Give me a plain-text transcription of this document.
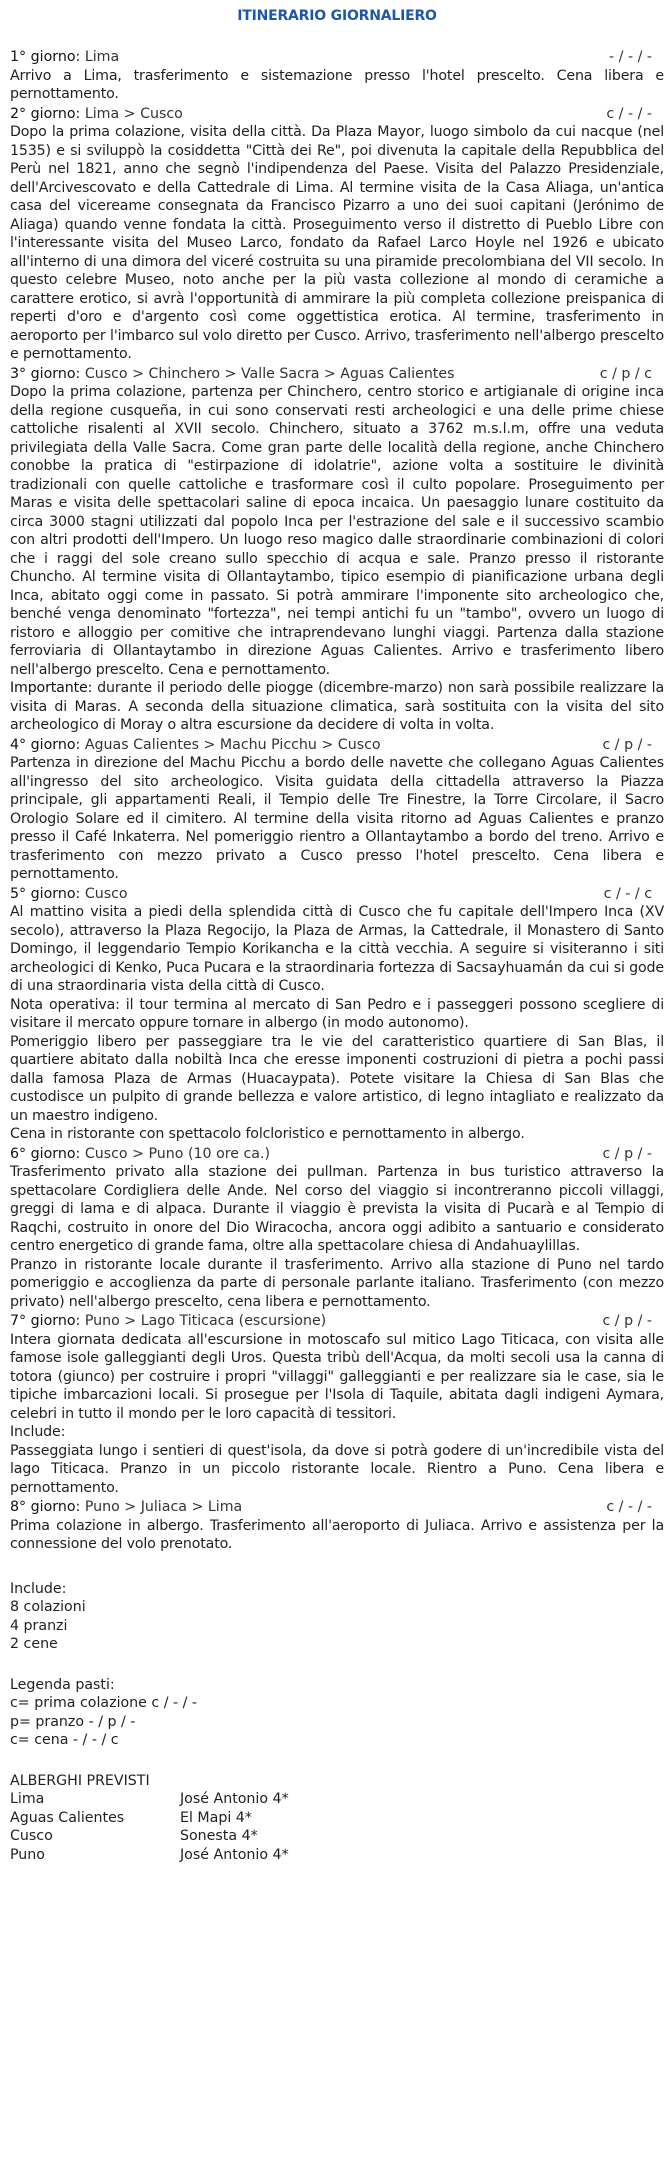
ITINERARIO GIORNALIERO
1° giorno: Lima	- / - / -

Arrivo a Lima, trasferimento e sistemazione presso l'hotel prescelto. Cena libera e pernottamento.

2° giorno: Lima > Cusco	c / - / -

Dopo la prima colazione, visita della città. Da Plaza Mayor, luogo simbolo da cui nacque (nel 1535) e si sviluppò la cosiddetta "Città dei Re", poi divenuta la capitale della Repubblica del Perù nel 1821, anno che segnò l'indipendenza del Paese. Visita del Palazzo Presidenziale, dell'Arcivescovato e della Cattedrale di Lima. Al termine visita de la Casa Aliaga, un'antica casa del vicereame consegnata da Francisco Pizarro a uno dei suoi capitani (Jerónimo de Aliaga) quando venne fondata la città. Proseguimento verso il distretto di Pueblo Libre con l'interessante visita del Museo Larco, fondato da Rafael Larco Hoyle nel 1926 e ubicato all'interno di una dimora del viceré costruita su una piramide precolombiana del VII secolo. In questo celebre Museo, noto anche per la più vasta collezione al mondo di ceramiche a carattere erotico, si avrà l'opportunità di ammirare la più completa collezione preispanica di reperti d'oro e d'argento così come oggettistica erotica. Al termine, trasferimento in aeroporto per l'imbarco sul volo diretto per Cusco. Arrivo, trasferimento nell'albergo prescelto e pernottamento.

3° giorno: Cusco > Chinchero > Valle Sacra > Aguas Calientes	c / p / c

Dopo la prima colazione, partenza per Chinchero, centro storico e artigianale di origine inca della regione cusqueña, in cui sono conservati resti archeologici e una delle prime chiese cattoliche risalenti al XVII secolo. Chinchero, situato a 3762 m.s.l.m, offre una veduta privilegiata della Valle Sacra. Come gran parte delle località della regione, anche Chinchero conobbe la pratica di "estirpazione di idolatrie", azione volta a sostituire le divinità tradizionali con quelle cattoliche e trasformare così il culto popolare. Proseguimento per Maras e visita delle spettacolari saline di epoca incaica. Un paesaggio lunare costituito da circa 3000 stagni utilizzati dal popolo Inca per l'estrazione del sale e il successivo scambio con altri prodotti dell'Impero. Un luogo reso magico dalle straordinarie combinazioni di colori che i raggi del sole creano sullo specchio di acqua e sale. Pranzo presso il ristorante Chuncho. Al termine visita di Ollantaytambo, tipico esempio di pianificazione urbana degli Inca, abitato oggi come in passato. Si potrà ammirare l'imponente sito archeologico che, benché venga denominato "fortezza", nei tempi antichi fu un "tambo", ovvero un luogo di ristoro e alloggio per comitive che intraprendevano lunghi viaggi. Partenza dalla stazione ferroviaria di Ollantaytambo in direzione Aguas Calientes. Arrivo e trasferimento libero nell'albergo prescelto. Cena e pernottamento.

Importante: durante il periodo delle piogge (dicembre-marzo) non sarà possibile realizzare la visita di Maras. A seconda della situazione climatica, sarà sostituita con la visita del sito archeologico di Moray o altra escursione da decidere di volta in volta.

4° giorno: Aguas Calientes > Machu Picchu > Cusco	c / p / -

Partenza in direzione del Machu Picchu a bordo delle navette che collegano Aguas Calientes all'ingresso del sito archeologico. Visita guidata della cittadella attraverso la Piazza principale, gli appartamenti Reali, il Tempio delle Tre Finestre, la Torre Circolare, il Sacro Orologio Solare ed il cimitero. Al termine della visita ritorno ad Aguas Calientes e pranzo presso il Café Inkaterra. Nel pomeriggio rientro a Ollantaytambo a bordo del treno. Arrivo e trasferimento con mezzo privato a Cusco presso l'hotel prescelto. Cena libera e pernottamento.

5° giorno: Cusco	c / - / c

Al mattino visita a piedi della splendida città di Cusco che fu capitale dell'Impero Inca (XV secolo), attraverso la Plaza Regocijo, la Plaza de Armas, la Cattedrale, il Monastero di Santo Domingo, il leggendario Tempio Korikancha e la città vecchia. A seguire si visiteranno i siti archeologici di Kenko, Puca Pucara e la straordinaria fortezza di Sacsayhuamán da cui si gode di una straordinaria vista della città di Cusco.

Nota operativa: il tour termina al mercato di San Pedro e i passeggeri possono scegliere di visitare il mercato oppure tornare in albergo (in modo autonomo).

Pomeriggio libero per passeggiare tra le vie del caratteristico quartiere di San Blas, il quartiere abitato dalla nobiltà Inca che eresse imponenti costruzioni di pietra a pochi passi dalla famosa Plaza de Armas (Huacaypata). Potete visitare la Chiesa di San Blas che custodisce un pulpito di grande bellezza e valore artistico, di legno intagliato e realizzato da un maestro indigeno.

Cena in ristorante con spettacolo folcloristico e pernottamento in albergo.

6° giorno: Cusco > Puno (10 ore ca.)	c / p / -

Trasferimento privato alla stazione dei pullman. Partenza in bus turistico attraverso la spettacolare Cordigliera delle Ande. Nel corso del viaggio si incontreranno piccoli villaggi, greggi di lama e di alpaca. Durante il viaggio è prevista la visita di Pucarà e al Tempio di Raqchi, costruito in onore del Dio Wiracocha, ancora oggi adibito a santuario e considerato centro energetico di grande fama, oltre alla spettacolare chiesa di Andahuaylillas.

Pranzo in ristorante locale durante il trasferimento. Arrivo alla stazione di Puno nel tardo pomeriggio e accoglienza da parte di personale parlante italiano. Trasferimento (con mezzo privato) nell'albergo prescelto, cena libera e pernottamento.

7° giorno: Puno > Lago Titicaca (escursione)	c / p / -

Intera giornata dedicata all'escursione in motoscafo sul mitico Lago Titicaca, con visita alle famose isole galleggianti degli Uros. Questa tribù dell'Acqua, da molti secoli usa la canna di totora (giunco) per costruire i propri "villaggi" galleggianti e per realizzare sia le case, sia le tipiche imbarcazioni locali. Si prosegue per l'Isola di Taquile, abitata dagli indigeni Aymara, celebri in tutto il mondo per le loro capacità di tessitori.

Include:

Passeggiata lungo i sentieri di quest'isola, da dove si potrà godere di un'incredibile vista del lago Titicaca. Pranzo in un piccolo ristorante locale. Rientro a Puno. Cena libera e pernottamento.

8° giorno: Puno > Juliaca > Lima	c / - / -

Prima colazione in albergo. Trasferimento all'aeroporto di Juliaca. Arrivo e assistenza per la connessione del volo prenotato.

Include:
8 colazioni
4 pranzi
2 cene
Legenda pasti:
c= prima colazione c / - / -
p= pranzo - / p / -
c= cena - / - / c
ALBERGHI PREVISTI
Lima	José Antonio 4*
Aguas Calientes	El Mapi 4*
Cusco	Sonesta 4*
Puno	José Antonio 4*
